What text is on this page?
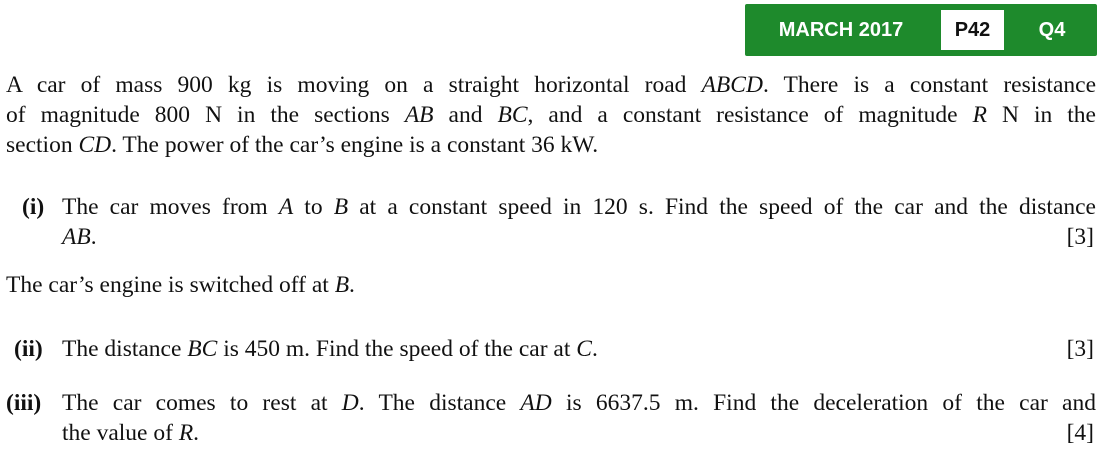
MARCH 2017	P42	Q4
A car of mass 900 kg is moving on a straight horizontal road ABCD. There is a constant resistance
of magnitude 800 N in the sections AB and BC, and a constant resistance of magnitude R N in the
section CD. The power of the car’s engine is a constant 36 kW.
(i) The car moves from A to B at a constant speed in 120 s. Find the speed of the car and the distance
AB.	[3]
The car’s engine is switched off at B.
(ii) The distance BC is 450 m. Find the speed of the car at C.	[3]
(iii) The car comes to rest at D. The distance AD is 6637.5 m. Find the deceleration of the car and
the value of R.	[4]
